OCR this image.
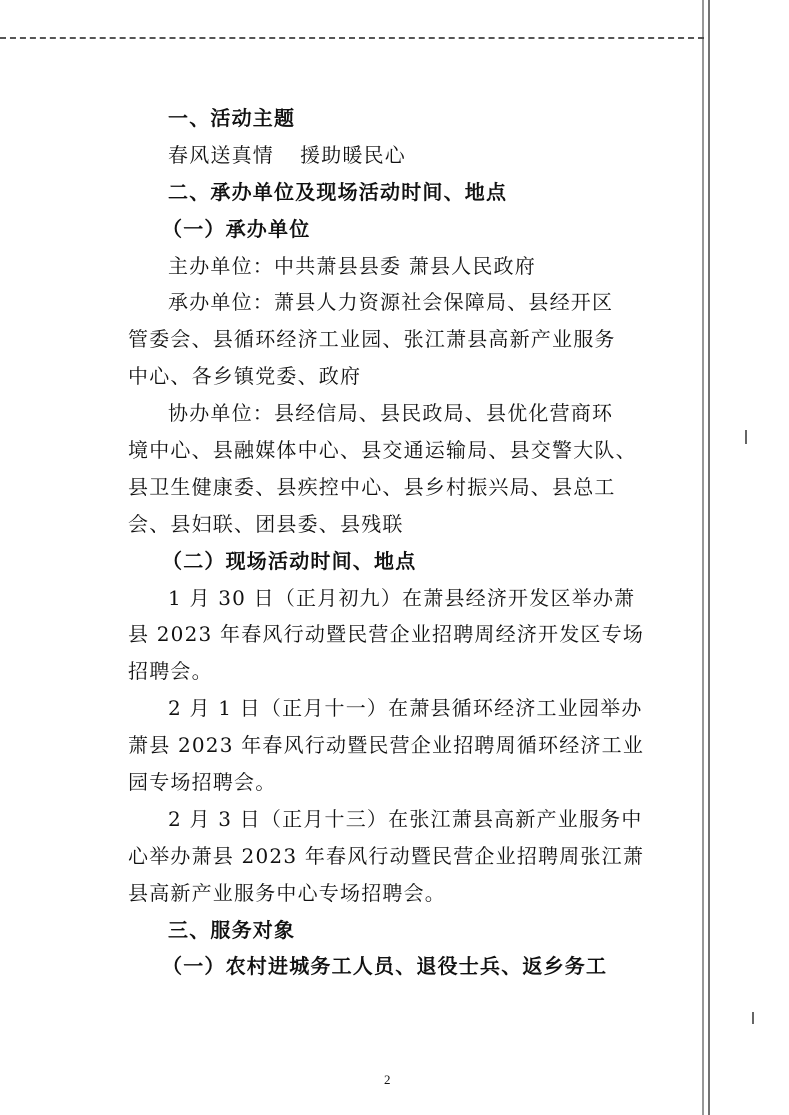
一、活动主题
春风送真情 援助暖民心
二、承办单位及现场活动时间、地点
（一）承办单位
主办单位：中共萧县县委 萧县人民政府
承办单位：萧县人力资源社会保障局、县经开区
管委会、县循环经济工业园、张江萧县高新产业服务
中心、各乡镇党委、政府
协办单位：县经信局、县民政局、县优化营商环
境中心、县融媒体中心、县交通运输局、县交警大队、
县卫生健康委、县疾控中心、县乡村振兴局、县总工
会、县妇联、团县委、县残联
（二）现场活动时间、地点
1 月 30 日（正月初九）在萧县经济开发区举办萧
县 2023 年春风行动暨民营企业招聘周经济开发区专场
招聘会。
2 月 1 日（正月十一）在萧县循环经济工业园举办
萧县 2023 年春风行动暨民营企业招聘周循环经济工业
园专场招聘会。
2 月 3 日（正月十三）在张江萧县高新产业服务中
心举办萧县 2023 年春风行动暨民营企业招聘周张江萧
县高新产业服务中心专场招聘会。
三、服务对象
（一）农村进城务工人员、退役士兵、返乡务工
2
